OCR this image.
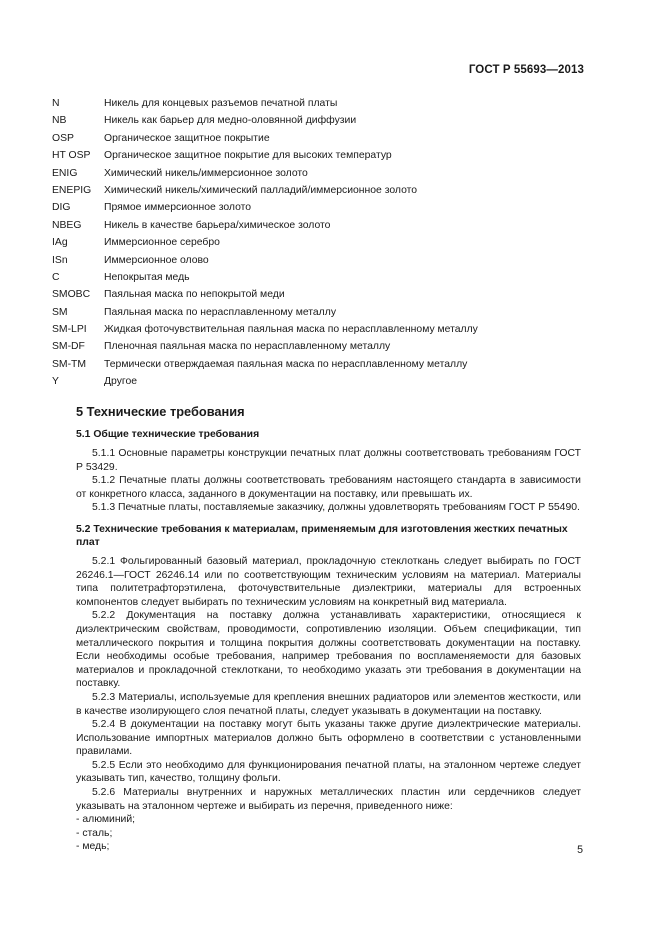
ГОСТ Р 55693—2013
N	Никель для концевых разъемов печатной платы
NB	Никель как барьер для медно-оловянной диффузии
OSP	Органическое защитное покрытие
HT OSP Органическое защитное покрытие для высоких температур
ENIG	Химический никель/иммерсионное золото
ENEPIG Химический никель/химический палладий/иммерсионное золото
DIG	Прямое иммерсионное золото
NBEG Никель в качестве барьера/химическое золото
IAg	Иммерсионное серебро
ISn	Иммерсионное олово
C	Непокрытая медь
SMOBC Паяльная маска по непокрытой меди
SM	Паяльная маска по нерасплавленному металлу
SM-LPI Жидкая фоточувствительная паяльная маска по нерасплавленному металлу
SM-DF Пленочная паяльная маска по нерасплавленному металлу
SM-TM Термически отверждаемая паяльная маска по нерасплавленному металлу
Y	Другое
5 Технические требования
5.1 Общие технические требования

5.1.1 Основные параметры конструкции печатных плат должны соответствовать требованиям ГОСТ Р 53429.

5.1.2 Печатные платы должны соответствовать требованиям настоящего стандарта в зависимости от конкретного класса, заданного в документации на поставку, или превышать их.

5.1.3 Печатные платы, поставляемые заказчику, должны удовлетворять требованиям ГОСТ Р 55490.

5.2 Технические требования к материалам, применяемым для изготовления жестких печатных плат

5.2.1 Фольгированный базовый материал, прокладочную стеклоткань следует выбирать по ГОСТ 26246.1—ГОСТ 26246.14 или по соответствующим техническим условиям на материал. Материалы типа политетрафторэтилена, фоточувствительные диэлектрики, материалы для встроенных компонентов следует выбирать по техническим условиям на конкретный вид материала.

5.2.2 Документация на поставку должна устанавливать характеристики, относящиеся к диэлектрическим свойствам, проводимости, сопротивлению изоляции. Объем спецификации, тип металлического покрытия и толщина покрытия должны соответствовать документации на поставку. Если необходимы особые требования, например требования по воспламеняемости для базовых материалов и прокладочной стеклоткани, то необходимо указать эти требования в документации на поставку.

5.2.3 Материалы, используемые для крепления внешних радиаторов или элементов жесткости, или в качестве изолирующего слоя печатной платы, следует указывать в документации на поставку.

5.2.4 В документации на поставку могут быть указаны также другие диэлектрические материалы. Использование импортных материалов должно быть оформлено в соответствии с установленными правилами.

5.2.5 Если это необходимо для функционирования печатной платы, на эталонном чертеже следует указывать тип, качество, толщину фольги.

5.2.6 Материалы внутренних и наружных металлических пластин или сердечников следует указывать на эталонном чертеже и выбирать из перечня, приведенного ниже:

- алюминий;

- сталь;

- медь;	5
